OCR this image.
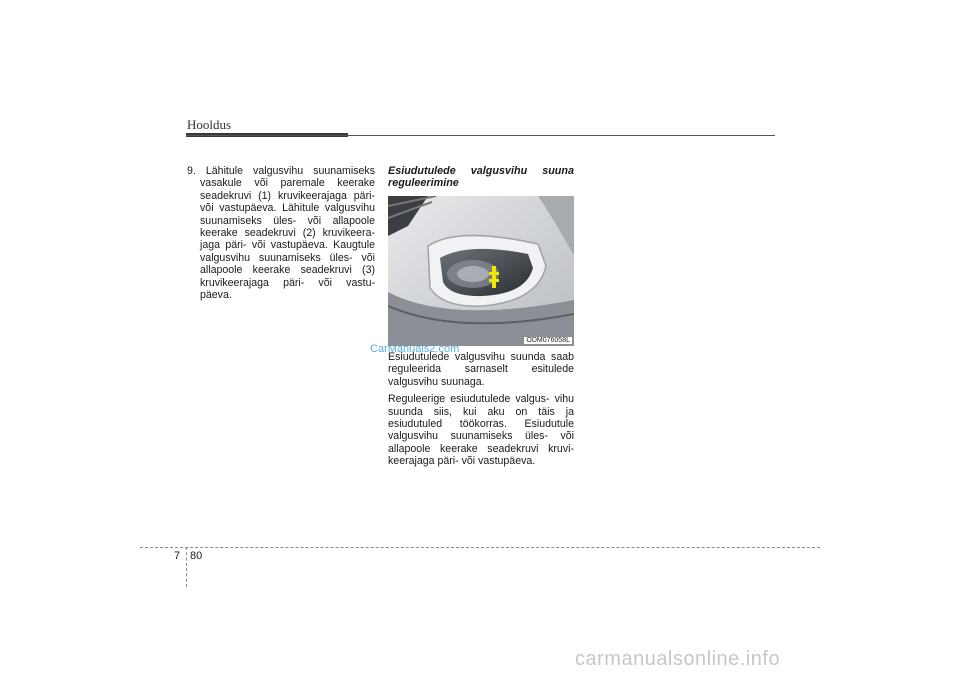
Hooldus

9. Lähitule valgusvihu suunamiseks vasakule või paremale keerake seadekruvi (1) kruvikeerajaga päri- või vastupäeva. Lähitule valgusvihu suunamiseks üles- või allapoole keerake seadekruvi (2) kruvikeera- jaga päri- või vastupäeva. Kaugtule valgusvihu suunamiseks üles- või allapoole keerake seadekruvi (3) kruvikeerajaga päri- või vastu- päeva.

Esiudutulede valgusvihu suuna reguleerimine

ODM076058L
CarManuals2.com

Esiudutulede valgusvihu suunda saab reguleerida sarnaselt esitulede valgusvihu suunaga.

Reguleerige esiudutulede valgus- vihu suunda siis, kui aku on täis ja esiudutuled töökorras. Esiudutule valgusvihu suunamiseks üles- või allapoole keerake seadekruvi kruvi- keerajaga päri- või vastupäeva.

7 80
carmanualsonline.info
